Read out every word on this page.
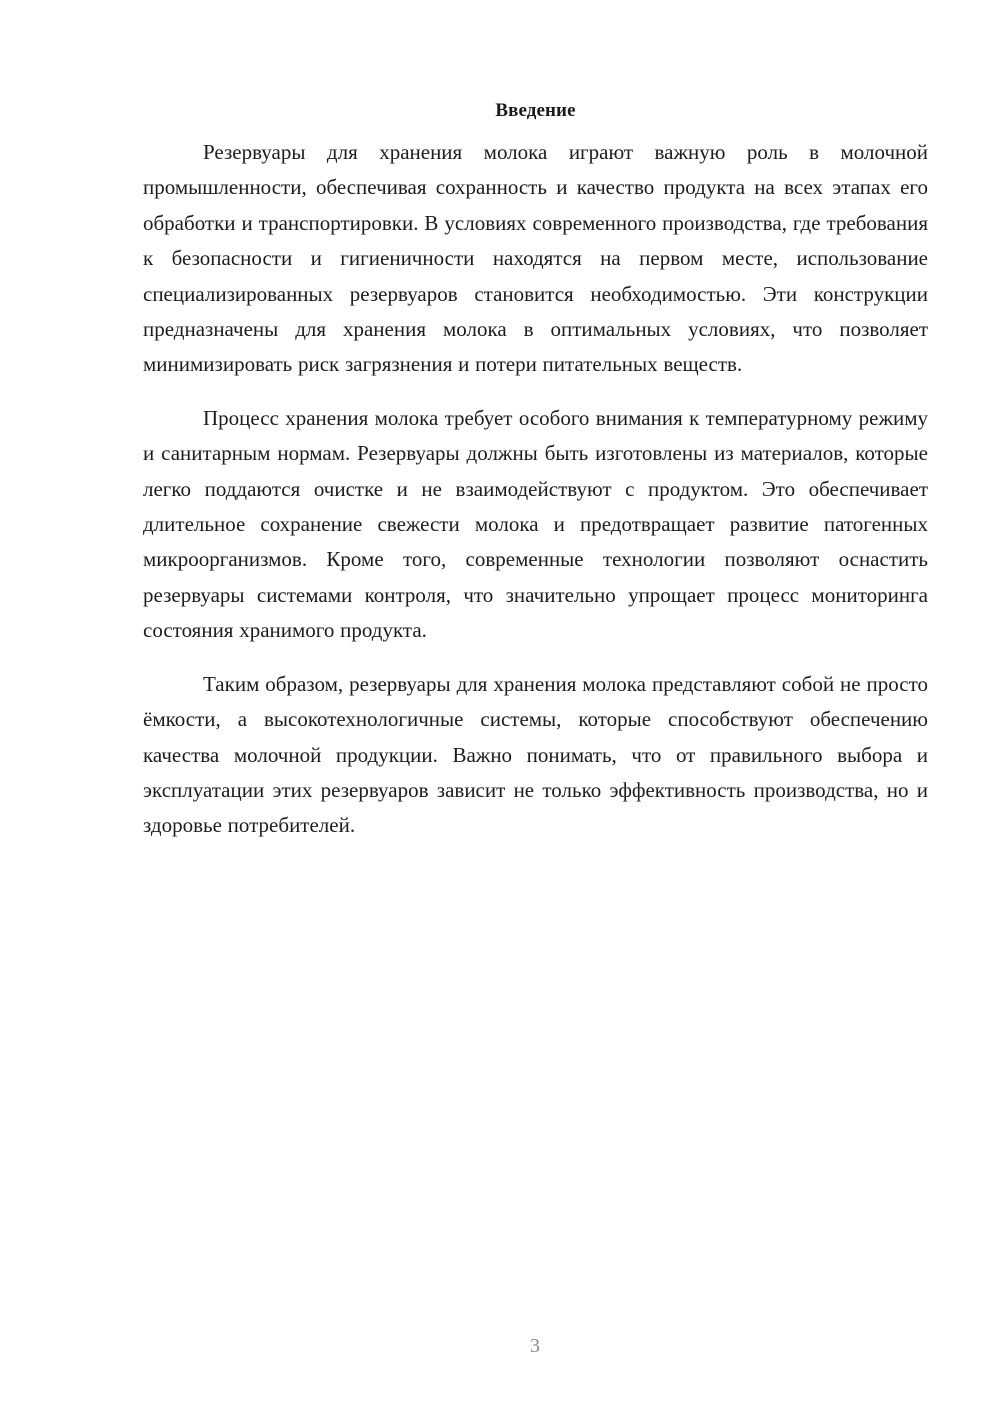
Введение

Резервуары для хранения молока играют важную роль в молочной промышленности, обеспечивая сохранность и качество продукта на всех этапах его обработки и транспортировки. В условиях современного производства, где требования к безопасности и гигиеничности находятся на первом месте, использование специализированных резервуаров становится необходимостью. Эти конструкции предназначены для хранения молока в оптимальных условиях, что позволяет минимизировать риск загрязнения и потери питательных веществ.

Процесс хранения молока требует особого внимания к температурному режиму и санитарным нормам. Резервуары должны быть изготовлены из материалов, которые легко поддаются очистке и не взаимодействуют с продуктом. Это обеспечивает длительное сохранение свежести молока и предотвращает развитие патогенных микроорганизмов. Кроме того, современные технологии позволяют оснастить резервуары системами контроля, что значительно упрощает процесс мониторинга состояния хранимого продукта.

Таким образом, резервуары для хранения молока представляют собой не просто ёмкости, а высокотехнологичные системы, которые способствуют обеспечению качества молочной продукции. Важно понимать, что от правильного выбора и эксплуатации этих резервуаров зависит не только эффективность производства, но и здоровье потребителей.

3
